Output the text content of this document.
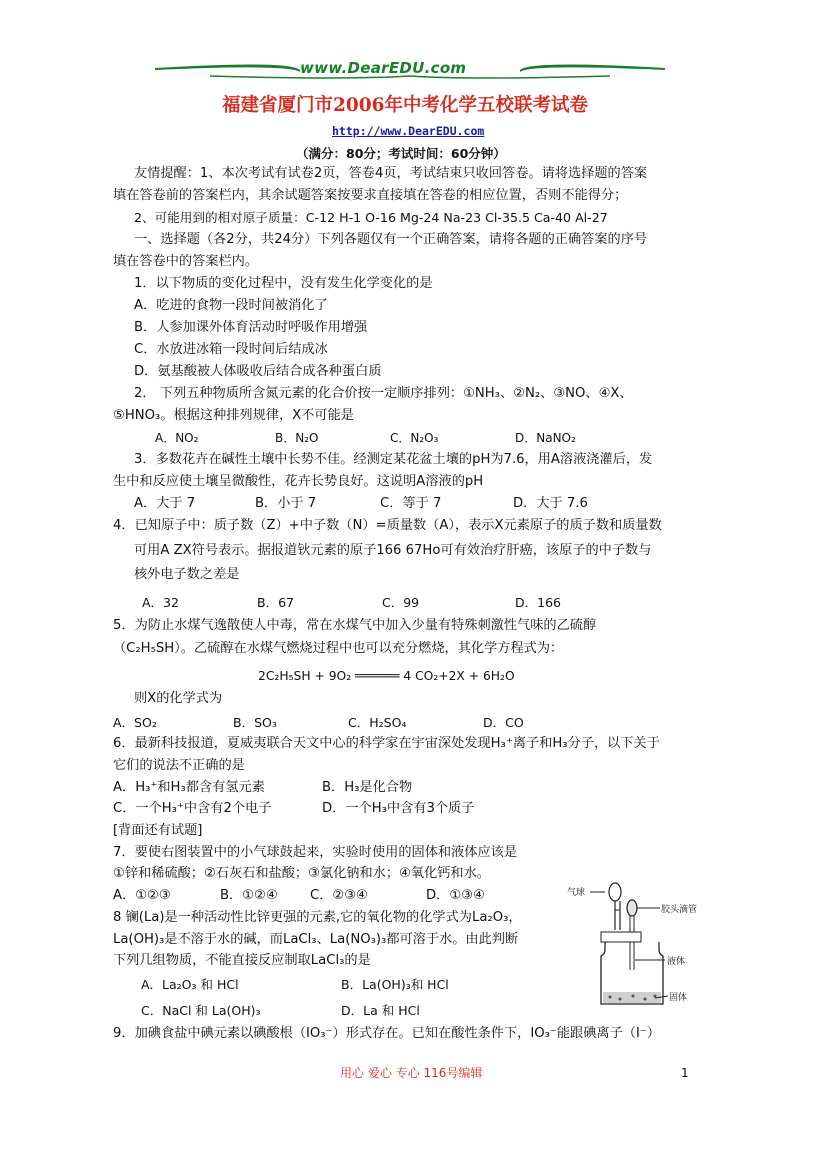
www.DearEDU.com
福建省厦门市2006年中考化学五校联考试卷
http://www.DearEDU.com
（满分：80分；考试时间：60分钟）
友情提醒：1、本次考试有试卷2页，答卷4页，考试结束只收回答卷。请将选择题的答案
填在答卷前的答案栏内，其余试题答案按要求直接填在答卷的相应位置，否则不能得分；
2、可能用到的相对原子质量：C-12 H-1 O-16 Mg-24 Na-23 Cl-35.5 Ca-40 Al-27
一、选择题（各2分，共24分）下列各题仅有一个正确答案，请将各题的正确答案的序号
填在答卷中的答案栏内。
1．以下物质的变化过程中，没有发生化学变化的是
A．吃进的食物一段时间被消化了
B．人参加课外体育活动时呼吸作用增强
C．水放进冰箱一段时间后结成冰
D．氨基酸被人体吸收后结合成各种蛋白质
2． 下列五种物质所含氮元素的化合价按一定顺序排列：①NH₃、②N₂、③NO、④X、
⑤HNO₃。根据这种排列规律，X不可能是
A．NO₂	B．N₂O	C．N₂O₃	D．NaNO₂
3．多数花卉在碱性土壤中长势不佳。经测定某花盆土壤的pH为7.6，用A溶液浇灌后，发
生中和反应使土壤呈微酸性，花卉长势良好。这说明A溶液的pH
A．大于 7	B．小于 7	C．等于 7	D．大于 7.6
4．已知原子中：质子数（Z）+中子数（N）=质量数（A），表示X元素原子的质子数和质量数
可用A ZX符号表示。据报道钬元素的原子166 67Ho可有效治疗肝癌，该原子的中子数与
核外电子数之差是
A．32	B．67	C．99	D．166
5．为防止水煤气逸散使人中毒，常在水煤气中加入少量有特殊刺激性气味的乙硫醇
（C₂H₅SH）。乙硫醇在水煤气燃烧过程中也可以充分燃烧，其化学方程式为：
2C₂H₅SH + 9O₂ ══════ 4 CO₂+2X + 6H₂O
则X的化学式为
A．SO₂	B．SO₃	C．H₂SO₄	D．CO
6．最新科技报道，夏威夷联合天文中心的科学家在宇宙深处发现H₃⁺离子和H₃分子，以下关于
它们的说法不正确的是
A．H₃⁺和H₃都含有氢元素	B．H₃是化合物
C．一个H₃⁺中含有2个电子	D．一个H₃中含有3个质子
[背面还有试题]
7．要使右图装置中的小气球鼓起来，实验时使用的固体和液体应该是
①锌和稀硫酸；②石灰石和盐酸；③氯化钠和水；④氧化钙和水。
A．①②③	B．①②④ C．②③④	D．①③④
8 镧(La)是一种活动性比锌更强的元素,它的氧化物的化学式为La₂O₃，
La(OH)₃是不溶于水的碱，而LaCl₃、La(NO₃)₃都可溶于水。由此判断
下列几组物质，不能直接反应制取LaCl₃的是
A．La₂O₃ 和 HCl	B．La(OH)₃和 HCl
C．NaCl 和 La(OH)₃	D．La 和 HCl
9．加碘食盐中碘元素以碘酸根（IO₃⁻）形式存在。已知在酸性条件下，IO₃⁻能跟碘离子（I⁻）
气球
胶头滴管
液体
固体
用心 爱心 专心 116号编辑	1
